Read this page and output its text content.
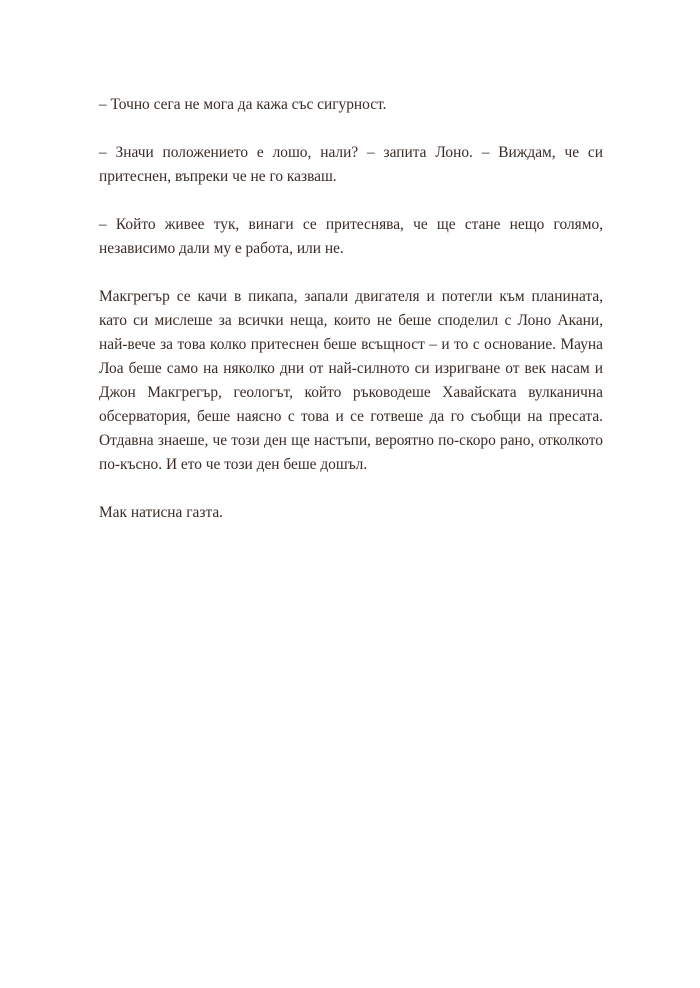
– Точно сега не мога да кажа със сигурност.

– Значи положението е лошо, нали? – запита Лоно. – Виждам, че си притеснен, въпреки че не го казваш.

– Който живее тук, винаги се притеснява, че ще стане нещо голямо, независимо дали му е работа, или не.

Макгрегър се качи в пикапа, запали двигателя и потегли към планината, като си мислеше за всички неща, които не беше споделил с Лоно Акани, най-вече за това колко притеснен беше всъщност – и то с основание. Мауна Лоа беше само на няколко дни от най-силното си изригване от век насам и Джон Макгрегър, геологът, който ръководеше Хавайската вулканична обсерватория, беше наясно с това и се готвеше да го съобщи на пресата. Отдавна знаеше, че този ден ще настъпи, вероятно по-скоро рано, отколкото по-късно. И ето че този ден беше дошъл.

Мак натисна газта.
